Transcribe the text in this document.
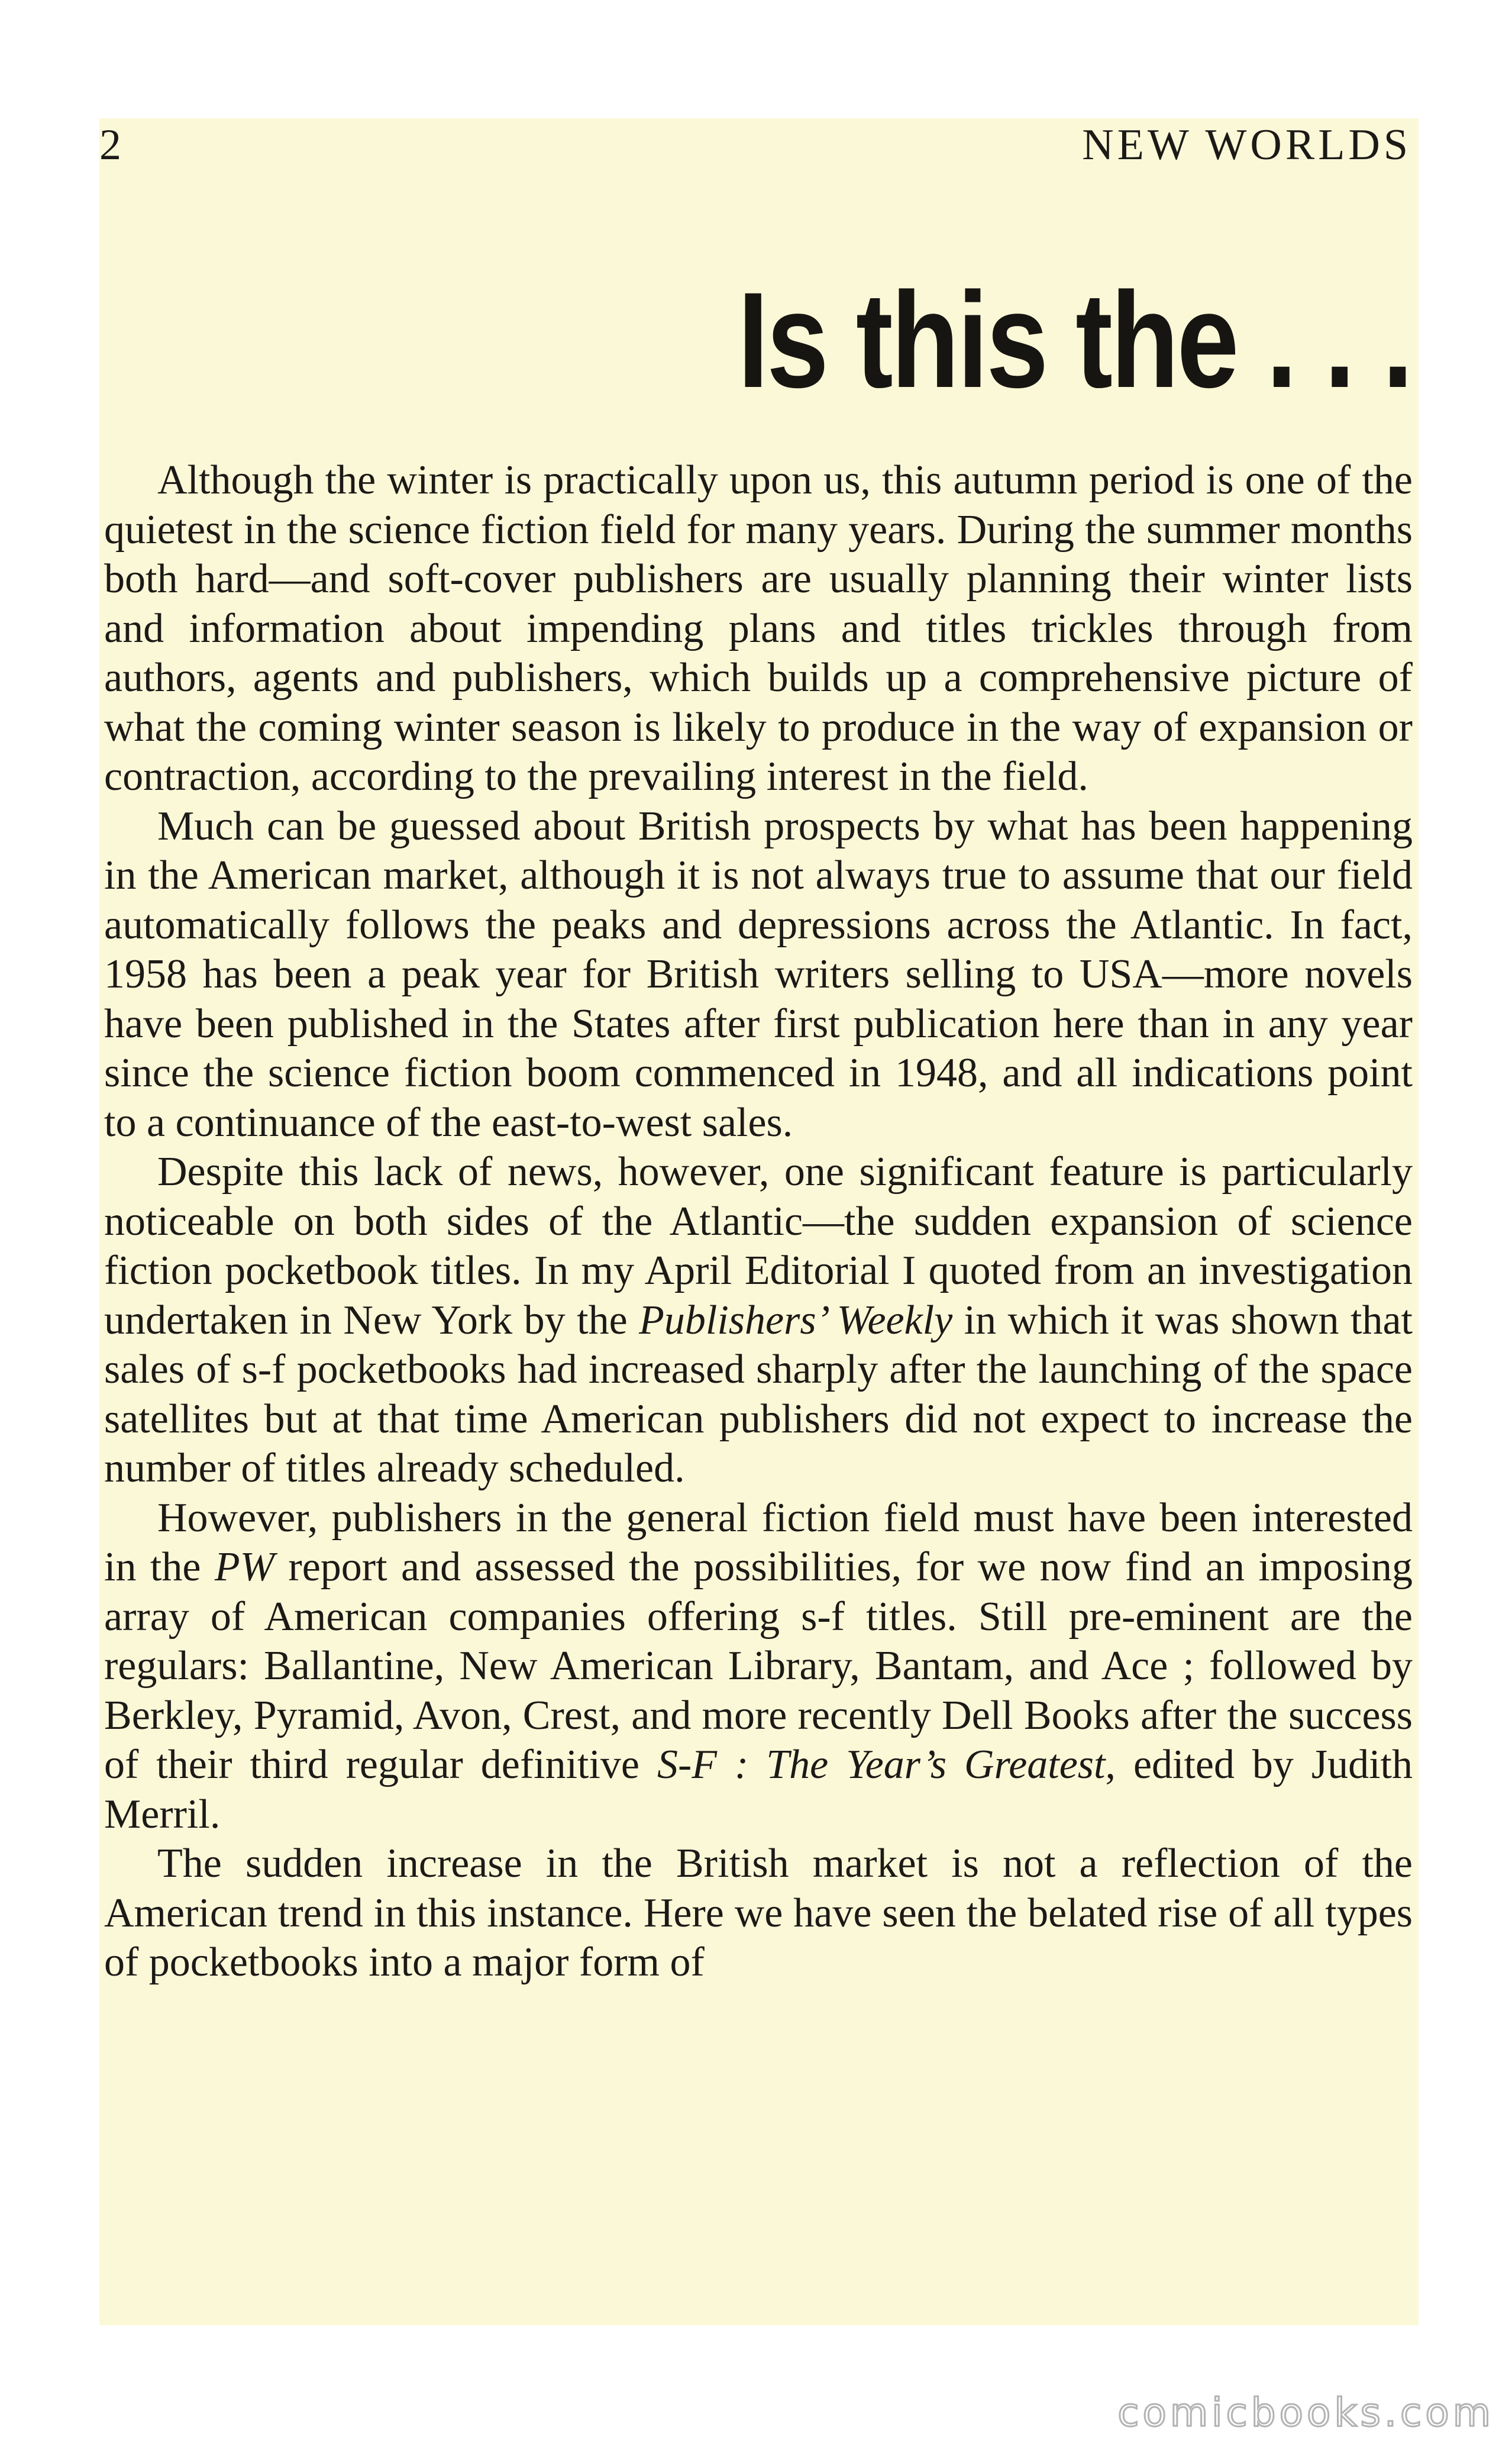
2	NEW WORLDS
Is this the . . .

Although the winter is practically upon us, this autumn period is one of the quietest in the science fiction field for many years. During the summer months both hard—and soft-cover publishers are usually planning their winter lists and information about impending plans and titles trickles through from authors, agents and publishers, which builds up a comprehensive picture of what the coming winter season is likely to produce in the way of expansion or contraction, according to the prevailing interest in the field.

Much can be guessed about British prospects by what has been happening in the American market, although it is not always true to assume that our field automatically follows the peaks and depressions across the Atlantic. In fact, 1958 has been a peak year for British writers selling to USA—more novels have been published in the States after first publication here than in any year since the science fiction boom commenced in 1948, and all indications point to a continuance of the east-to-west sales.

Despite this lack of news, however, one significant feature is particularly noticeable on both sides of the Atlantic—the sudden expansion of science fiction pocketbook titles. In my April Editorial I quoted from an investigation undertaken in New York by the Publishers’ Weekly in which it was shown that sales of s-f pocketbooks had increased sharply after the launching of the space satellites but at that time American publishers did not expect to increase the number of titles already scheduled.

However, publishers in the general fiction field must have been interested in the PW report and assessed the possibilities, for we now find an imposing array of American companies offering s-f titles. Still pre-eminent are the regulars: Ballantine, New American Library, Bantam, and Ace ; followed by Berkley, Pyramid, Avon, Crest, and more recently Dell Books after the success of their third regular definitive S-F : The Year’s Greatest, edited by Judith Merril.

The sudden increase in the British market is not a reflection of the American trend in this instance. Here we have seen the belated rise of all types of pocketbooks into a major form of

comicbooks.com
